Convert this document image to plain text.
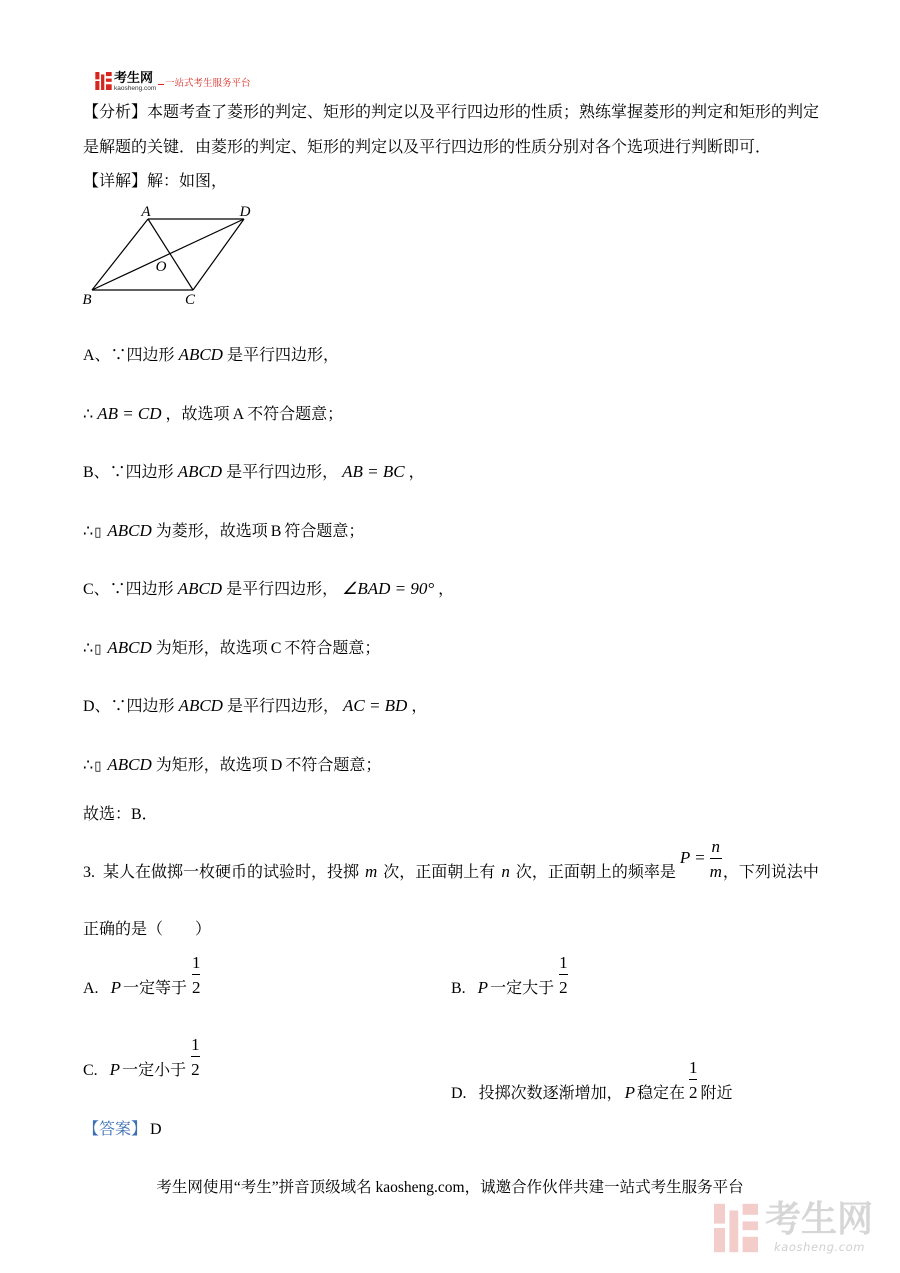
考生网
kaosheng.com 一站式考生服务平台
【分析】本题考查了菱形的判定、矩形的判定以及平行四边形的性质；熟练掌握菱形的判定和矩形的判定
是解题的关键．由菱形的判定、矩形的判定以及平行四边形的性质分别对各个选项进行判断即可．
【详解】解：如图，
A	D
O
B	C
A、∵四边形 ABCD 是平行四边形，
∴ AB = CD ，故选项 A 不符合题意；
B、∵四边形 ABCD 是平行四边形， AB = BC ，
∴▯ ABCD 为菱形，故选项 B 符合题意；
C、∵四边形 ABCD 是平行四边形， ∠BAD = 90° ，
∴▯ ABCD 为矩形，故选项 C 不符合题意；
D、∵四边形 ABCD 是平行四边形， AC = BD ，
∴▯ ABCD 为矩形，故选项 D 不符合题意；
故选：B．
3. 某人在做掷一枚硬币的试验时，投掷 m 次，正面朝上有 n 次，正面朝上的频率是$P = \frac{n}{m}$ ，下列说法中
正确的是（　　）
A. P 一定等于 $\frac{1}{2}$	B. P 一定大于 $\frac{1}{2}$
C. P 一定小于 $\frac{1}{2}$
D. 投掷次数逐渐增加， P 稳定在 $\frac{1}{2}$ 附近
【答案】 D
考生网使用“考生”拼音顶级域名 kaosheng.com，诚邀合作伙伴共建一站式考生服务平台
考生网
kaosheng.com
